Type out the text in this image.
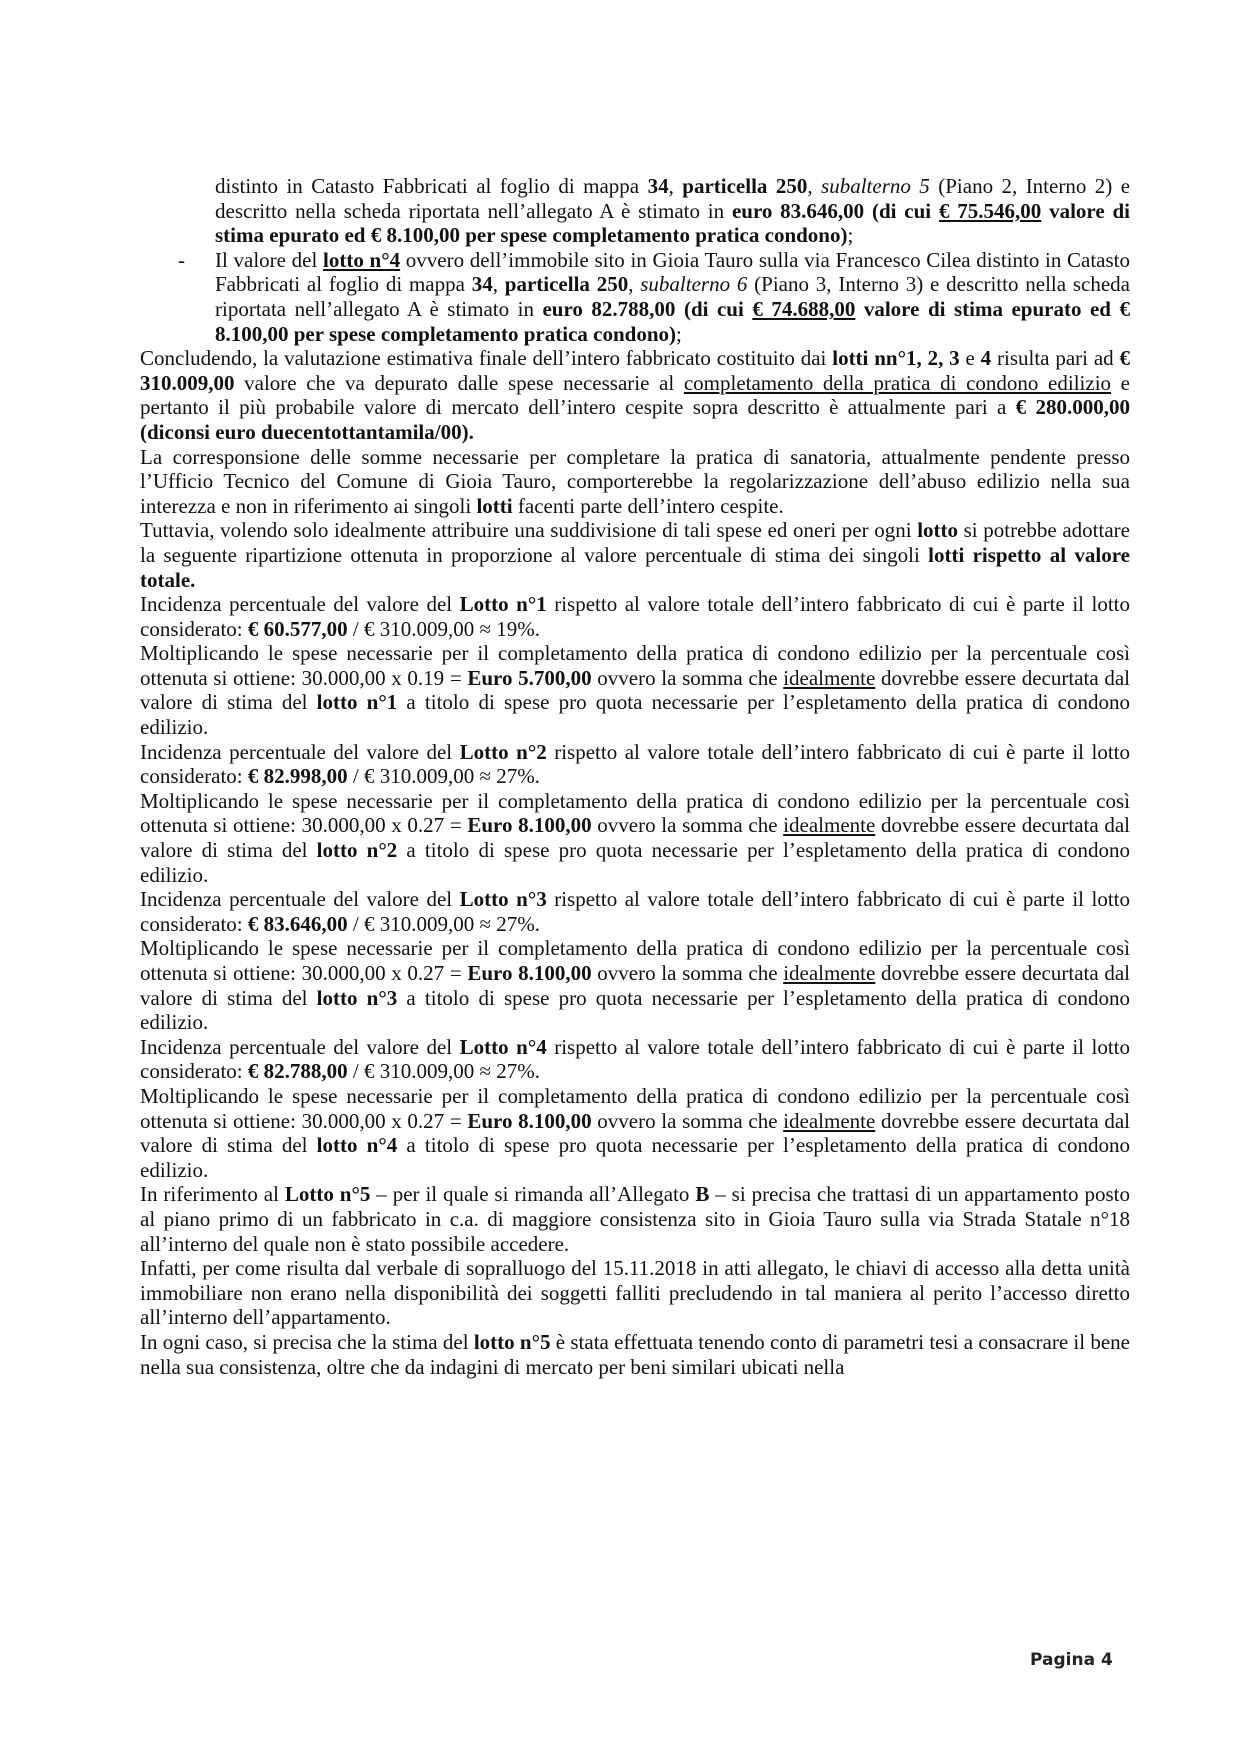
distinto in Catasto Fabbricati al foglio di mappa 34, particella 250, subalterno 5 (Piano 2, Interno 2) e descritto nella scheda riportata nell’allegato A è stimato in euro 83.646,00 (di cui € 75.546,00 valore di stima epurato ed € 8.100,00 per spese completamento pratica condono);

- Il valore del lotto n°4 ovvero dell’immobile sito in Gioia Tauro sulla via Francesco Cilea distinto in Catasto Fabbricati al foglio di mappa 34, particella 250, subalterno 6 (Piano 3, Interno 3) e descritto nella scheda riportata nell’allegato A è stimato in euro 82.788,00 (di cui € 74.688,00 valore di stima epurato ed € 8.100,00 per spese completamento pratica condono);

Concludendo, la valutazione estimativa finale dell’intero fabbricato costituito dai lotti nn°1, 2, 3 e 4 risulta pari ad € 310.009,00 valore che va depurato dalle spese necessarie al completamento della pratica di condono edilizio e pertanto il più probabile valore di mercato dell’intero cespite sopra descritto è attualmente pari a € 280.000,00 (diconsi euro duecentottantamila/00).

La corresponsione delle somme necessarie per completare la pratica di sanatoria, attualmente pendente presso l’Ufficio Tecnico del Comune di Gioia Tauro, comporterebbe la regolarizzazione dell’abuso edilizio nella sua interezza e non in riferimento ai singoli lotti facenti parte dell’intero cespite.

Tuttavia, volendo solo idealmente attribuire una suddivisione di tali spese ed oneri per ogni lotto si potrebbe adottare la seguente ripartizione ottenuta in proporzione al valore percentuale di stima dei singoli lotti rispetto al valore totale.

Incidenza percentuale del valore del Lotto n°1 rispetto al valore totale dell’intero fabbricato di cui è parte il lotto considerato: € 60.577,00 / € 310.009,00 ≈ 19%.

Moltiplicando le spese necessarie per il completamento della pratica di condono edilizio per la percentuale così ottenuta si ottiene: 30.000,00 x 0.19 = Euro 5.700,00 ovvero la somma che idealmente dovrebbe essere decurtata dal valore di stima del lotto n°1 a titolo di spese pro quota necessarie per l’espletamento della pratica di condono edilizio.

Incidenza percentuale del valore del Lotto n°2 rispetto al valore totale dell’intero fabbricato di cui è parte il lotto considerato: € 82.998,00 / € 310.009,00 ≈ 27%.

Moltiplicando le spese necessarie per il completamento della pratica di condono edilizio per la percentuale così ottenuta si ottiene: 30.000,00 x 0.27 = Euro 8.100,00 ovvero la somma che idealmente dovrebbe essere decurtata dal valore di stima del lotto n°2 a titolo di spese pro quota necessarie per l’espletamento della pratica di condono edilizio.

Incidenza percentuale del valore del Lotto n°3 rispetto al valore totale dell’intero fabbricato di cui è parte il lotto considerato: € 83.646,00 / € 310.009,00 ≈ 27%.

Moltiplicando le spese necessarie per il completamento della pratica di condono edilizio per la percentuale così ottenuta si ottiene: 30.000,00 x 0.27 = Euro 8.100,00 ovvero la somma che idealmente dovrebbe essere decurtata dal valore di stima del lotto n°3 a titolo di spese pro quota necessarie per l’espletamento della pratica di condono edilizio.

Incidenza percentuale del valore del Lotto n°4 rispetto al valore totale dell’intero fabbricato di cui è parte il lotto considerato: € 82.788,00 / € 310.009,00 ≈ 27%.

Moltiplicando le spese necessarie per il completamento della pratica di condono edilizio per la percentuale così ottenuta si ottiene: 30.000,00 x 0.27 = Euro 8.100,00 ovvero la somma che idealmente dovrebbe essere decurtata dal valore di stima del lotto n°4 a titolo di spese pro quota necessarie per l’espletamento della pratica di condono edilizio.

In riferimento al Lotto n°5 – per il quale si rimanda all’Allegato B – si precisa che trattasi di un appartamento posto al piano primo di un fabbricato in c.a. di maggiore consistenza sito in Gioia Tauro sulla via Strada Statale n°18 all’interno del quale non è stato possibile accedere.

Infatti, per come risulta dal verbale di sopralluogo del 15.11.2018 in atti allegato, le chiavi di accesso alla detta unità immobiliare non erano nella disponibilità dei soggetti falliti precludendo in tal maniera al perito l’accesso diretto all’interno dell’appartamento.

In ogni caso, si precisa che la stima del lotto n°5 è stata effettuata tenendo conto di parametri tesi a consacrare il bene nella sua consistenza, oltre che da indagini di mercato per beni similari ubicati nella

Pagina 4
